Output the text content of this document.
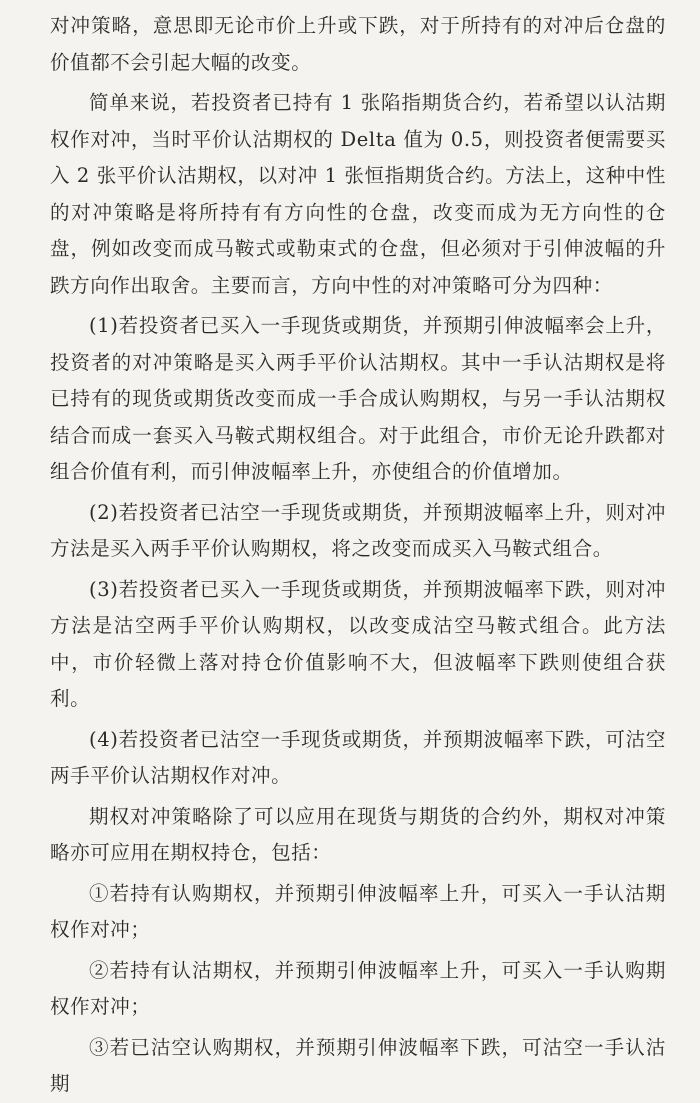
对冲策略，意思即无论市价上升或下跌，对于所持有的对冲后仓盘的价值都不会引起大幅的改变。

简单来说，若投资者已持有 1 张陷指期货合约，若希望以认沽期权作对冲，当时平价认沽期权的 Delta 值为 0.5，则投资者便需要买入 2 张平价认沽期权，以对冲 1 张恒指期货合约。方法上，这种中性的对冲策略是将所持有有方向性的仓盘，改变而成为无方向性的仓盘，例如改变而成马鞍式或勒束式的仓盘，但必须对于引伸波幅的升跌方向作出取舍。主要而言，方向中性的对冲策略可分为四种：

(1)若投资者已买入一手现货或期货，并预期引伸波幅率会上升，投资者的对冲策略是买入两手平价认沽期权。其中一手认沽期权是将已持有的现货或期货改变而成一手合成认购期权，与另一手认沽期权结合而成一套买入马鞍式期权组合。对于此组合，市价无论升跌都对组合价值有利，而引伸波幅率上升，亦使组合的价值增加。

(2)若投资者已沽空一手现货或期货，并预期波幅率上升，则对冲方法是买入两手平价认购期权，将之改变而成买入马鞍式组合。

(3)若投资者已买入一手现货或期货，并预期波幅率下跌，则对冲方法是沽空两手平价认购期权，以改变成沽空马鞍式组合。此方法中，市价轻微上落对持仓价值影响不大，但波幅率下跌则使组合获利。

(4)若投资者已沽空一手现货或期货，并预期波幅率下跌，可沽空两手平价认沽期权作对冲。

期权对冲策略除了可以应用在现货与期货的合约外，期权对冲策略亦可应用在期权持仓，包括：

①若持有认购期权，并预期引伸波幅率上升，可买入一手认沽期权作对冲；

②若持有认沽期权，并预期引伸波幅率上升，可买入一手认购期权作对冲；

③若已沽空认购期权，并预期引伸波幅率下跌，可沽空一手认沽期
